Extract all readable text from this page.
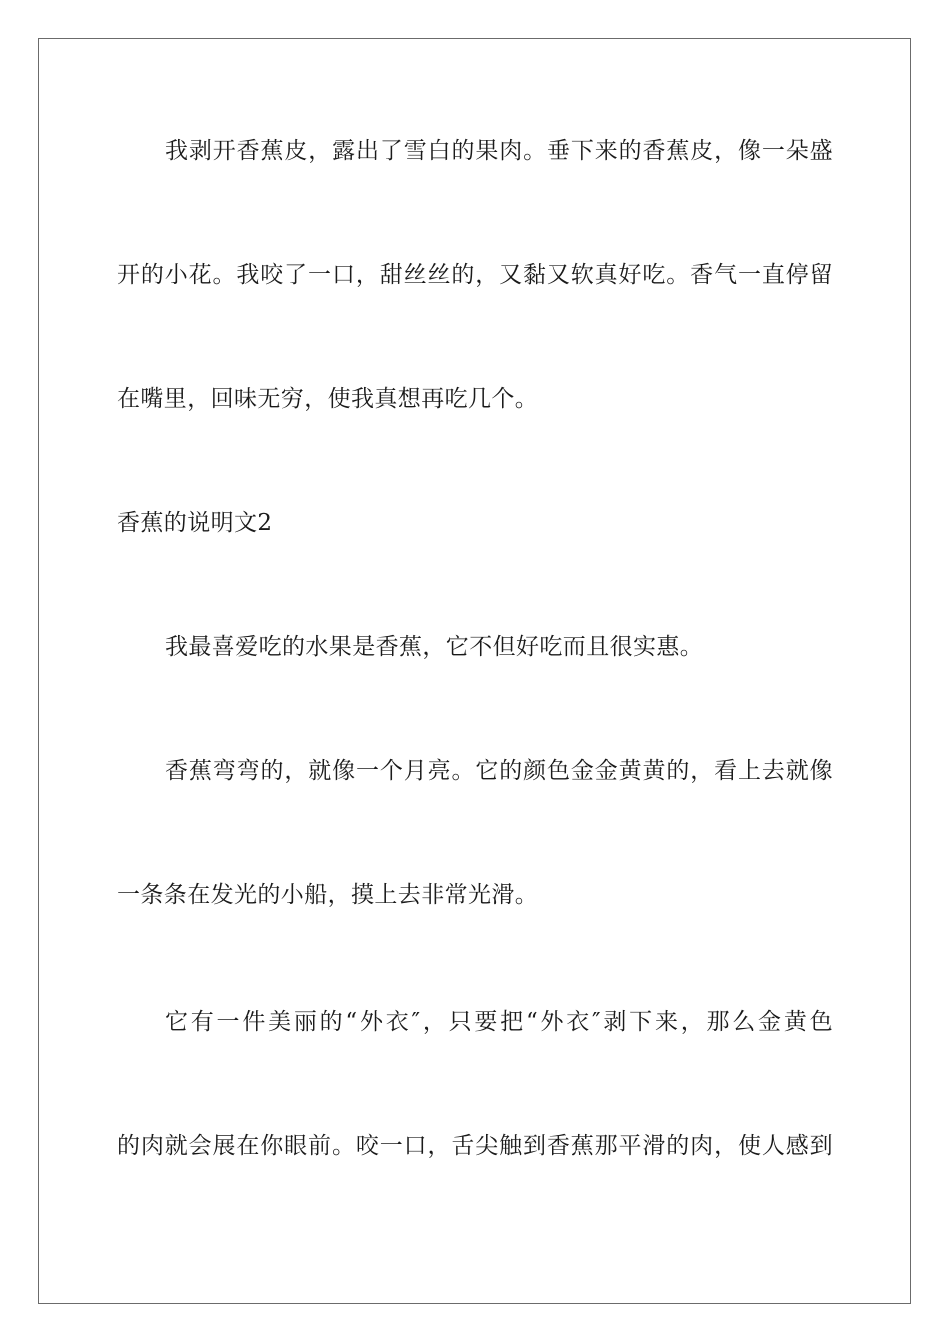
我剥开香蕉皮，露出了雪白的果肉。垂下来的香蕉皮，像一朵盛
开的小花。我咬了一口，甜丝丝的，又黏又软真好吃。香气一直停留
在嘴里，回味无穷，使我真想再吃几个。
香蕉的说明文2
我最喜爱吃的水果是香蕉，它不但好吃而且很实惠。
香蕉弯弯的，就像一个月亮。它的颜色金金黄黄的，看上去就像
一条条在发光的小船，摸上去非常光滑。
它有一件美丽的“外衣″，只要把“外衣″剥下来，那么金黄色
的肉就会展在你眼前。咬一口，舌尖触到香蕉那平滑的肉，使人感到
